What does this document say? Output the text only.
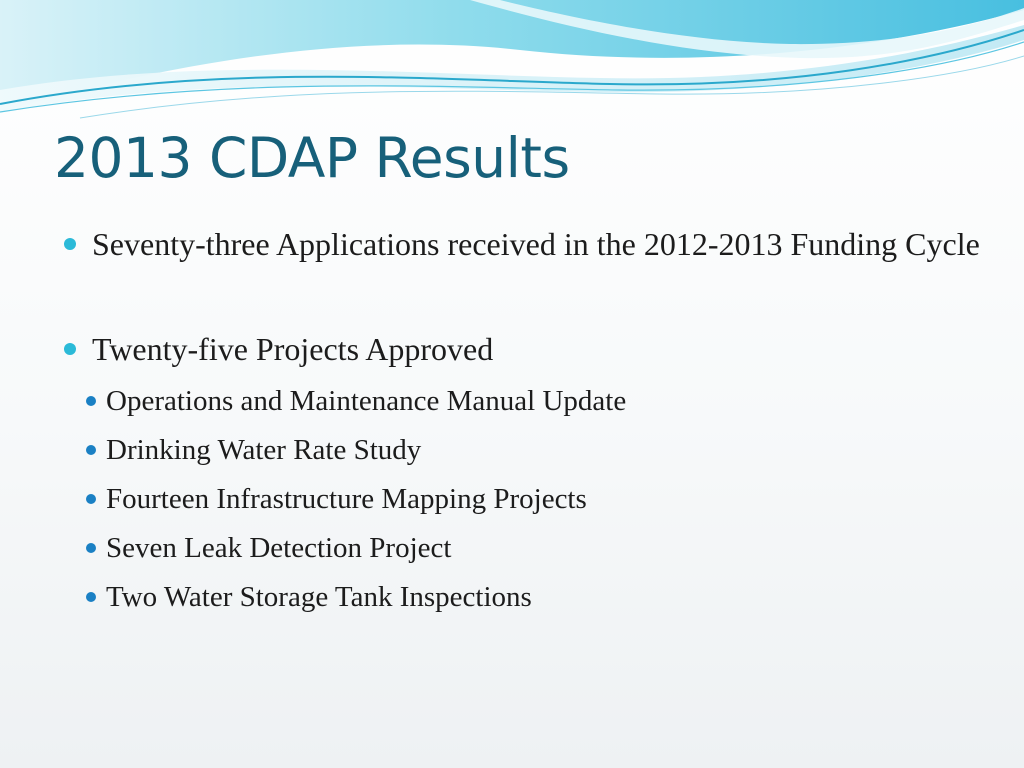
2013 CDAP Results
Seventy-three Applications received in the 2012-2013 Funding Cycle
Twenty-five Projects Approved
Operations and Maintenance Manual Update
Drinking Water Rate Study
Fourteen Infrastructure Mapping Projects
Seven Leak Detection Project
Two Water Storage Tank Inspections
